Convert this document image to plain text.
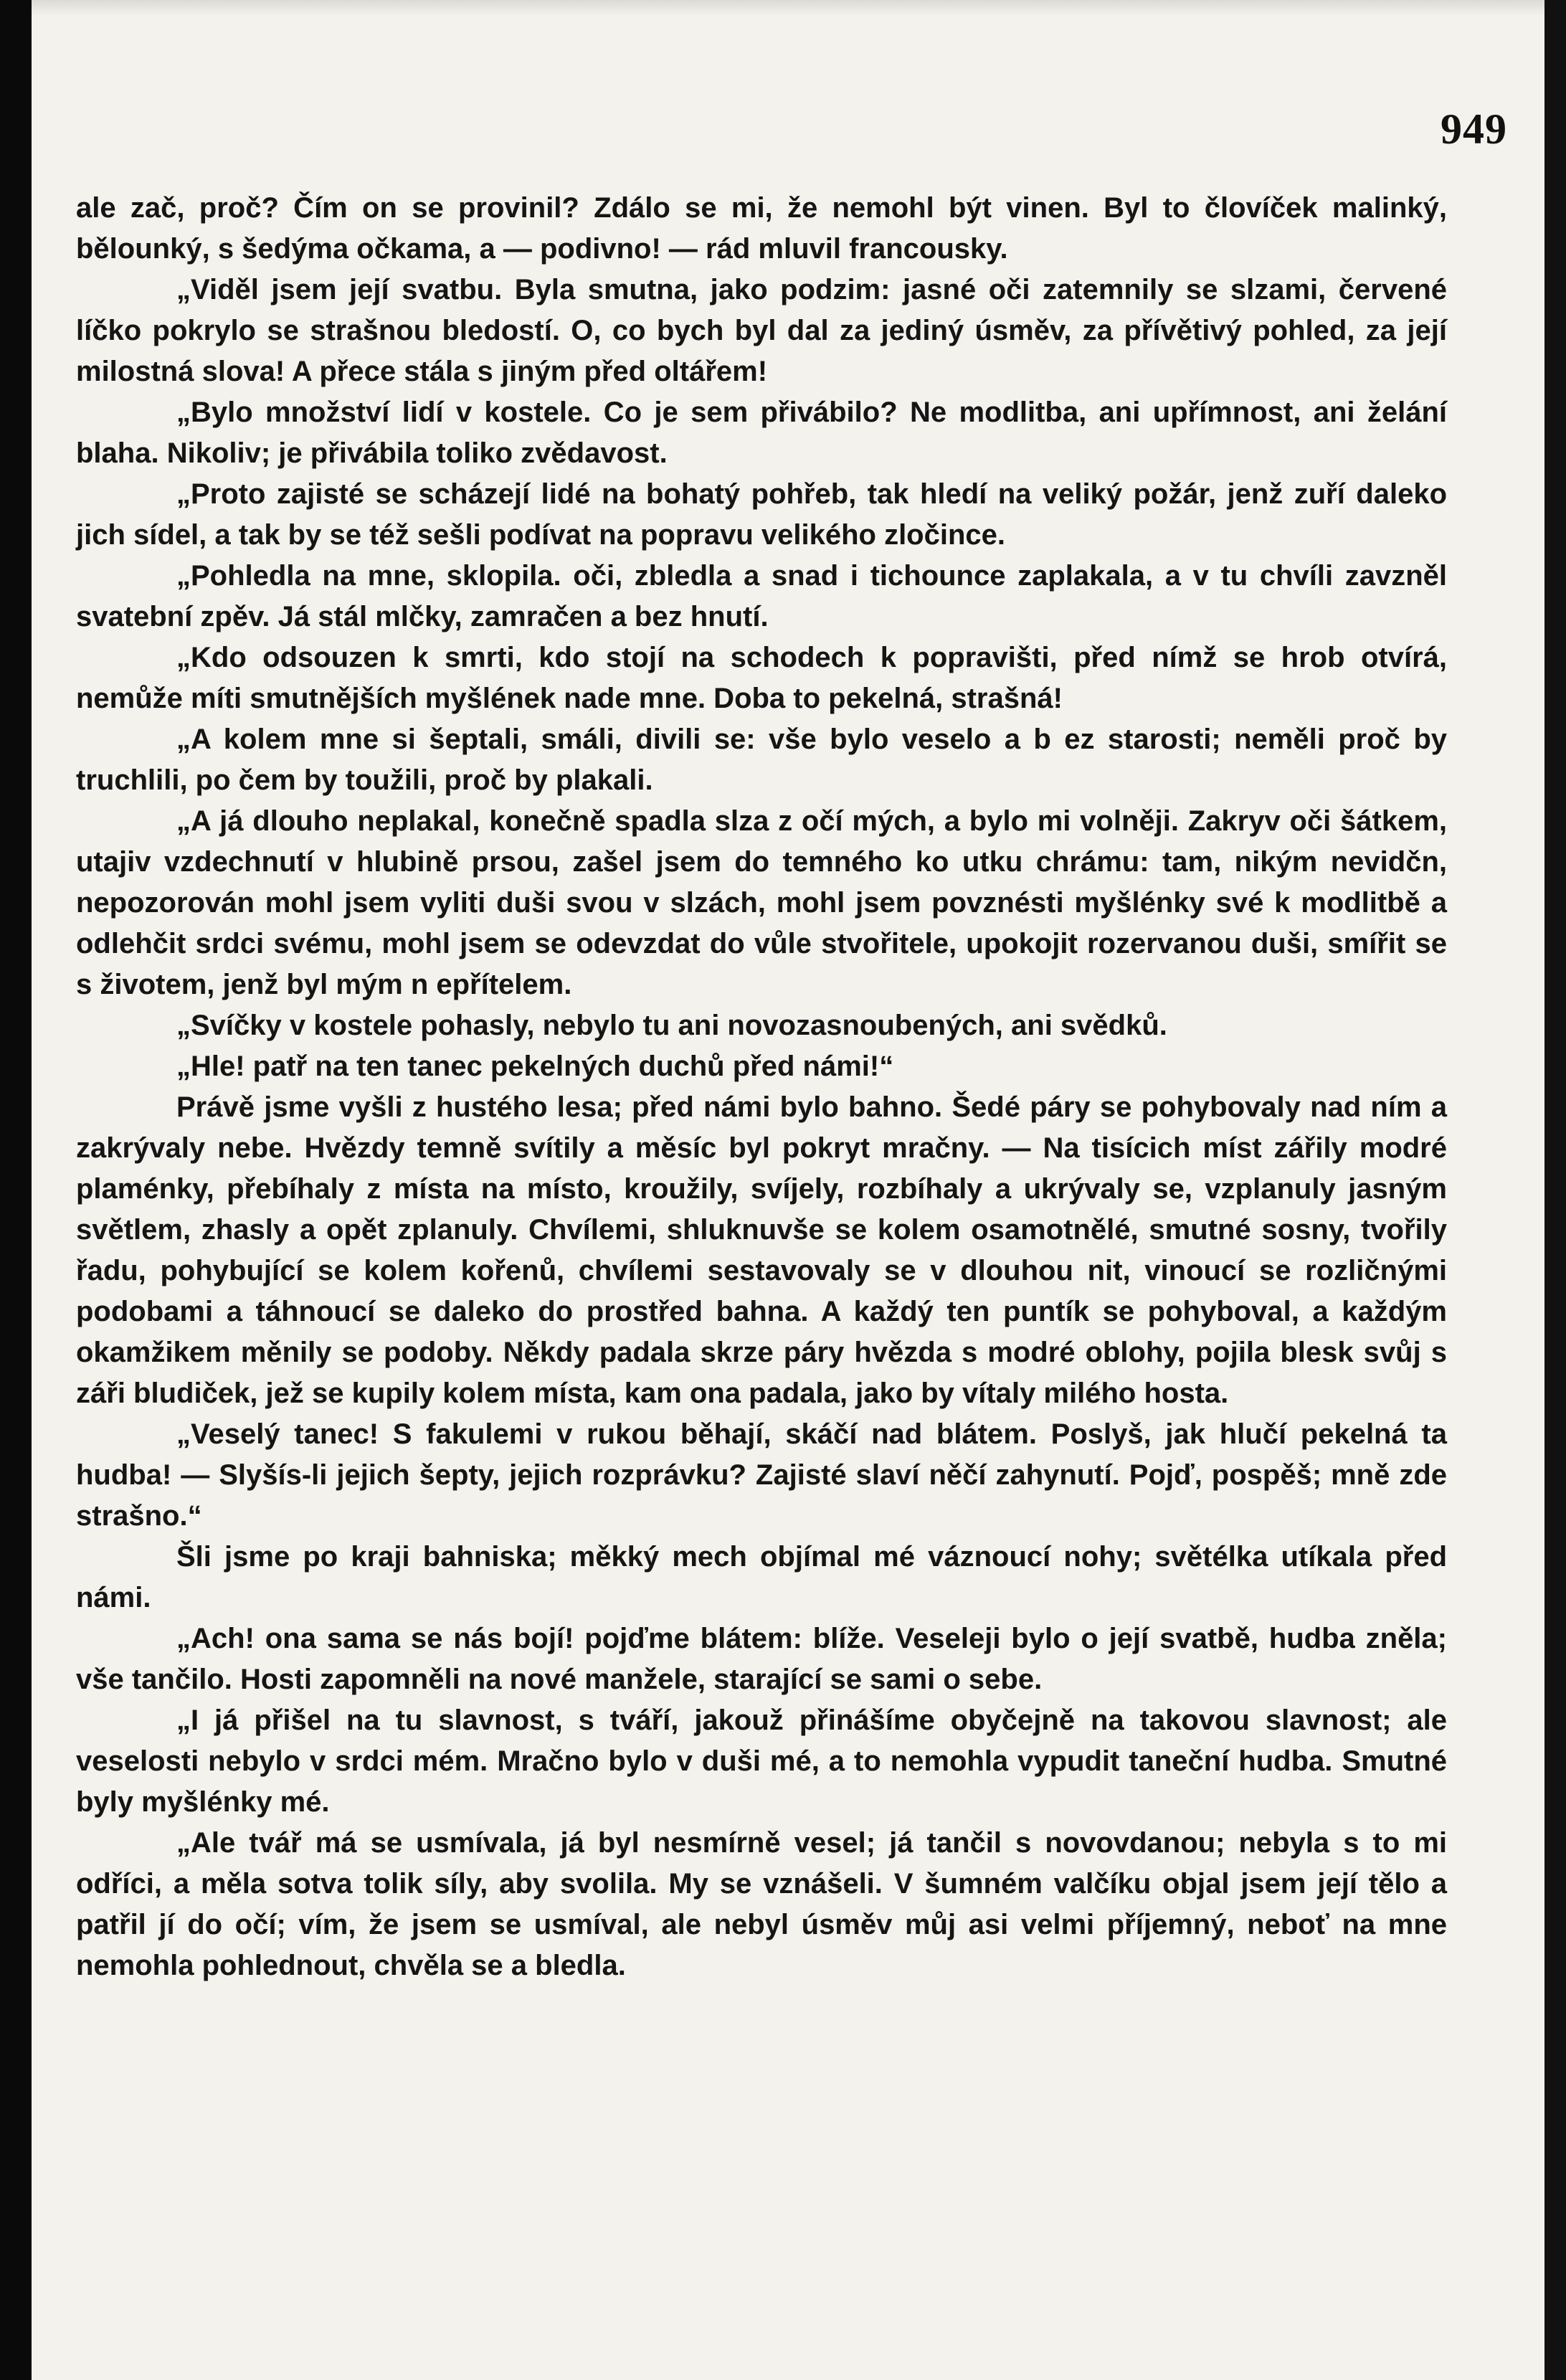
949

ale zač, proč? Čím on se provinil? Zdálo se mi, že nemohl být vinen. Byl to človíček malinký, bělounký, s šedýma očkama, a — podivno! — rád mluvil francousky.

„Viděl jsem její svatbu. Byla smutna, jako podzim: jasné oči zatemnily se slzami, červené líčko pokrylo se strašnou bledostí. O, co bych byl dal za jediný úsměv, za přívětivý pohled, za její milostná slova! A přece stála s jiným před oltářem!

„Bylo množství lidí v kostele. Co je sem přivábilo? Ne modlitba, ani upřímnost, ani želání blaha. Nikoliv; je přivábila toliko zvědavost.

„Proto zajisté se scházejí lidé na bohatý pohřeb, tak hledí na veliký požár, jenž zuří daleko jich sídel, a tak by se též sešli podívat na popravu velikého zločince.

„Pohledla na mne, sklopila. oči, zbledla a snad i tichounce zaplakala, a v tu chvíli zavzněl svatební zpěv. Já stál mlčky, zamračen a bez hnutí.

„Kdo odsouzen k smrti, kdo stojí na schodech k popravišti, před nímž se hrob otvírá, nemůže míti smutnějších myšlének nade mne. Doba to pekelná, strašná!

„A kolem mne si šeptali, smáli, divili se: vše bylo veselo a b ez starosti; neměli proč by truchlili, po čem by toužili, proč by plakali.

„A já dlouho neplakal, konečně spadla slza z očí mých, a bylo mi volněji. Zakryv oči šátkem, utajiv vzdechnutí v hlubině prsou, zašel jsem do temného ko utku chrámu: tam, nikým nevidčn, nepozorován mohl jsem vyliti duši svou v slzách, mohl jsem povznésti myšlénky své k modlitbě a odlehčit srdci svému, mohl jsem se odevzdat do vůle stvořitele, upokojit rozervanou duši, smířit se s životem, jenž byl mým n epřítelem.

„Svíčky v kostele pohasly, nebylo tu ani novozasnoubených, ani svědků.

„Hle! patř na ten tanec pekelných duchů před námi!“

Právě jsme vyšli z hustého lesa; před námi bylo bahno. Šedé páry se pohybovaly nad ním a zakrývaly nebe. Hvězdy temně svítily a měsíc byl pokryt mračny. — Na tisícich míst zářily modré plaménky, přebíhaly z místa na místo, kroužily, svíjely, rozbíhaly a ukrývaly se, vzplanuly jasným světlem, zhasly a opět zplanuly. Chvílemi, shluknuvše se kolem osamotnělé, smutné sosny, tvořily řadu, pohybující se kolem kořenů, chvílemi sestavovaly se v dlouhou nit, vinoucí se rozličnými podobami a táhnoucí se daleko do prostřed bahna. A každý ten puntík se pohyboval, a každým okamžikem měnily se podoby. Někdy padala skrze páry hvězda s modré oblohy, pojila blesk svůj s záři bludiček, jež se kupily kolem místa, kam ona padala, jako by vítaly milého hosta.

„Veselý tanec! S fakulemi v rukou běhají, skáčí nad blátem. Poslyš, jak hlučí pekelná ta hudba! — Slyšís-li jejich šepty, jejich rozprávku? Zajisté slaví něčí zahynutí. Pojď, pospěš; mně zde strašno.“

Šli jsme po kraji bahniska; měkký mech objímal mé váznoucí nohy; světélka utíkala před námi.

„Ach! ona sama se nás bojí! pojďme blátem: blíže. Veseleji bylo o její svatbě, hudba zněla; vše tančilo. Hosti zapomněli na nové manžele, starající se sami o sebe.

„I já přišel na tu slavnost, s tváří, jakouž přinášíme obyčejně na takovou slavnost; ale veselosti nebylo v srdci mém. Mračno bylo v duši mé, a to nemohla vypudit taneční hudba. Smutné byly myšlénky mé.

„Ale tvář má se usmívala, já byl nesmírně vesel; já tančil s novovdanou; nebyla s to mi odříci, a měla sotva tolik síly, aby svolila. My se vznášeli. V šumném valčíku objal jsem její tělo a patřil jí do očí; vím, že jsem se usmíval, ale nebyl úsměv můj asi velmi příjemný, neboť na mne nemohla pohlednout, chvěla se a bledla.
